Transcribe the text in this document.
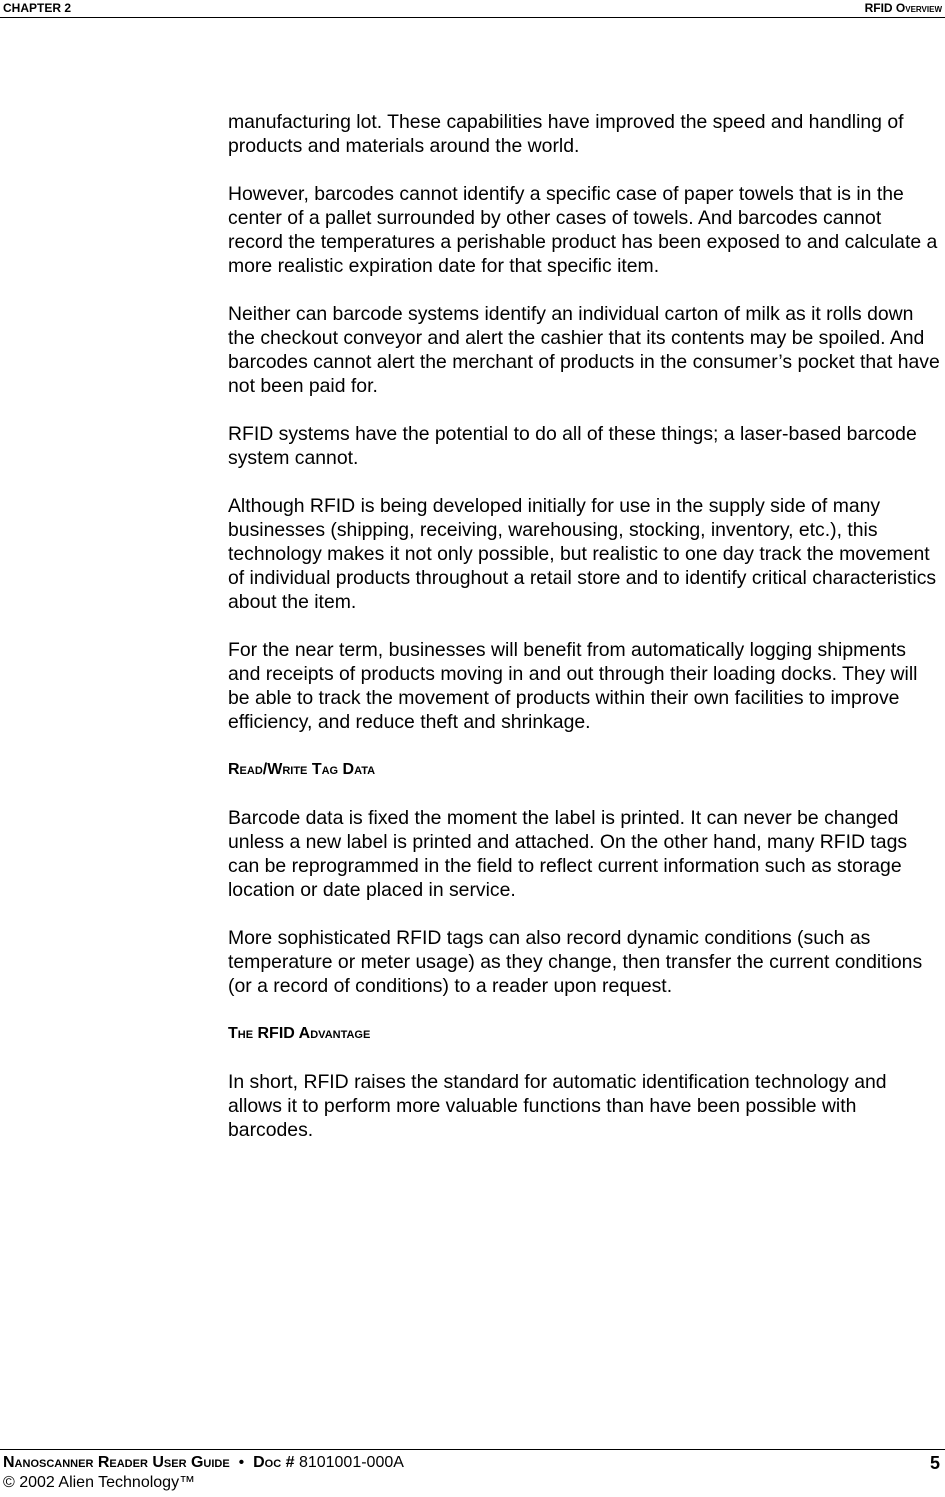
CHAPTER 2	RFID Overview

manufacturing lot. These capabilities have improved the speed and handling of products and materials around the world.

However, barcodes cannot identify a specific case of paper towels that is in the center of a pallet surrounded by other cases of towels. And barcodes cannot record the temperatures a perishable product has been exposed to and calculate a more realistic expiration date for that specific item.

Neither can barcode systems identify an individual carton of milk as it rolls down the checkout conveyor and alert the cashier that its contents may be spoiled. And barcodes cannot alert the merchant of products in the consumer’s pocket that have not been paid for.

RFID systems have the potential to do all of these things; a laser-based barcode system cannot.

Although RFID is being developed initially for use in the supply side of many businesses (shipping, receiving, warehousing, stocking, inventory, etc.), this technology makes it not only possible, but realistic to one day track the movement of individual products throughout a retail store and to identify critical characteristics about the item.

For the near term, businesses will benefit from automatically logging shipments and receipts of products moving in and out through their loading docks. They will be able to track the movement of products within their own facilities to improve efficiency, and reduce theft and shrinkage.

Read/Write Tag Data

Barcode data is fixed the moment the label is printed. It can never be changed unless a new label is printed and attached. On the other hand, many RFID tags can be reprogrammed in the field to reflect current information such as storage location or date placed in service.

More sophisticated RFID tags can also record dynamic conditions (such as temperature or meter usage) as they change, then transfer the current conditions (or a record of conditions) to a reader upon request.

The RFID Advantage

In short, RFID raises the standard for automatic identification technology and allows it to perform more valuable functions than have been possible with barcodes.

Nanoscanner Reader User Guide • Doc # 8101001-000A	5
© 2002 Alien Technology™
